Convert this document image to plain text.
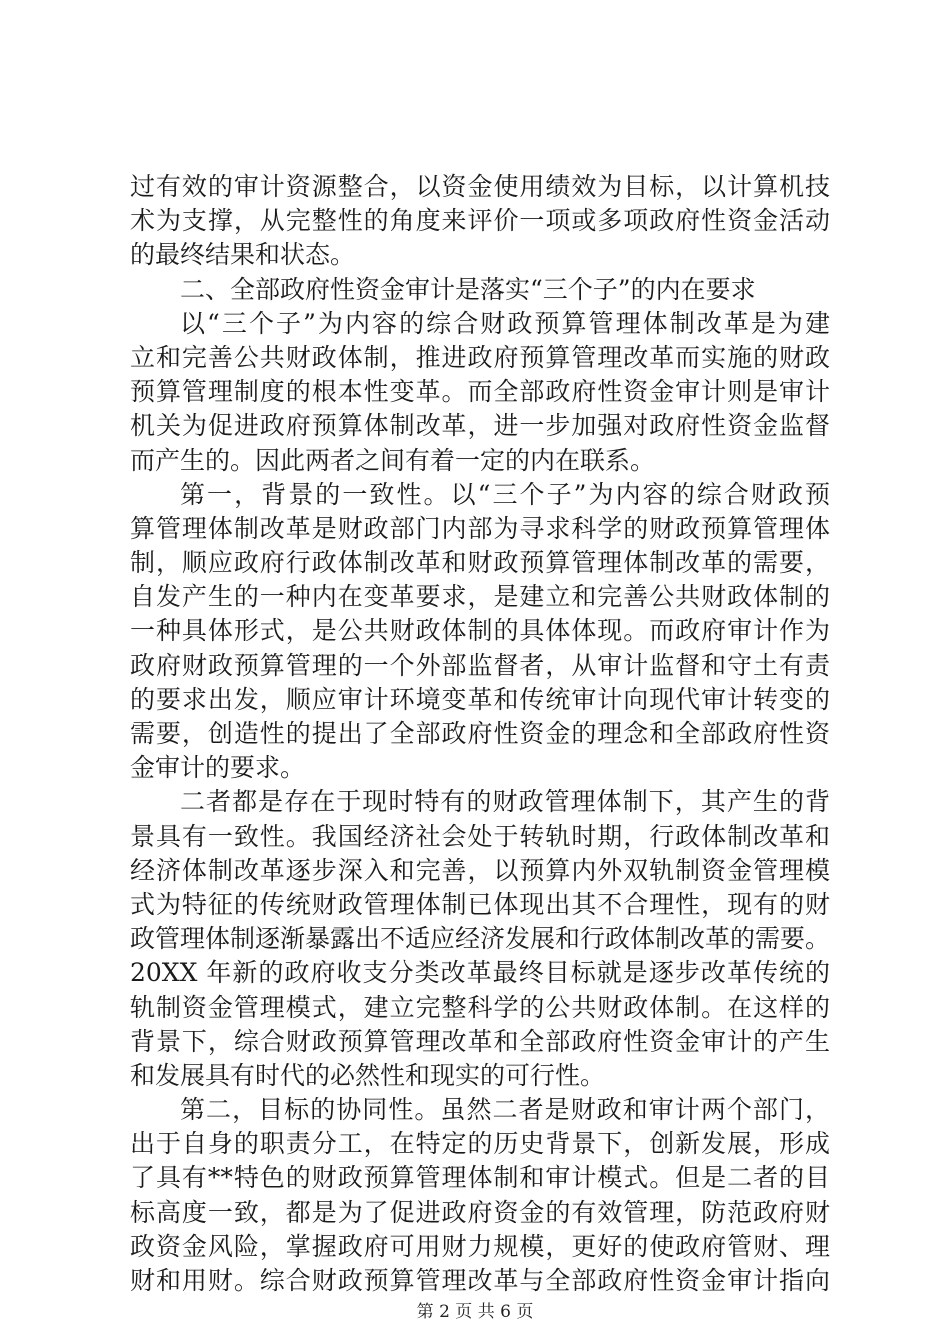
过有效的审计资源整合，以资金使用绩效为目标，以计算机技
术为支撑，从完整性的角度来评价一项或多项政府性资金活动
的最终结果和状态。
二、全部政府性资金审计是落实“三个子”的内在要求
以“三个子”为内容的综合财政预算管理体制改革是为建
立和完善公共财政体制，推进政府预算管理改革而实施的财政
预算管理制度的根本性变革。而全部政府性资金审计则是审计
机关为促进政府预算体制改革，进一步加强对政府性资金监督
而产生的。因此两者之间有着一定的内在联系。
第一，背景的一致性。以“三个子”为内容的综合财政预
算管理体制改革是财政部门内部为寻求科学的财政预算管理体
制，顺应政府行政体制改革和财政预算管理体制改革的需要，
自发产生的一种内在变革要求，是建立和完善公共财政体制的
一种具体形式，是公共财政体制的具体体现。而政府审计作为
政府财政预算管理的一个外部监督者，从审计监督和守土有责
的要求出发，顺应审计环境变革和传统审计向现代审计转变的
需要，创造性的提出了全部政府性资金的理念和全部政府性资
金审计的要求。
二者都是存在于现时特有的财政管理体制下，其产生的背
景具有一致性。我国经济社会处于转轨时期，行政体制改革和
经济体制改革逐步深入和完善，以预算内外双轨制资金管理模
式为特征的传统财政管理体制已体现出其不合理性，现有的财
政管理体制逐渐暴露出不适应经济发展和行政体制改革的需要。
20XX 年新的政府收支分类改革最终目标就是逐步改革传统的
轨制资金管理模式，建立完整科学的公共财政体制。在这样的
背景下，综合财政预算管理改革和全部政府性资金审计的产生
和发展具有时代的必然性和现实的可行性。
第二，目标的协同性。虽然二者是财政和审计两个部门，
出于自身的职责分工，在特定的历史背景下，创新发展，形成
了具有**特色的财政预算管理体制和审计模式。但是二者的目
标高度一致，都是为了促进政府资金的有效管理，防范政府财
政资金风险，掌握政府可用财力规模，更好的使政府管财、理
财和用财。综合财政预算管理改革与全部政府性资金审计指向
第 2 页 共 6 页
